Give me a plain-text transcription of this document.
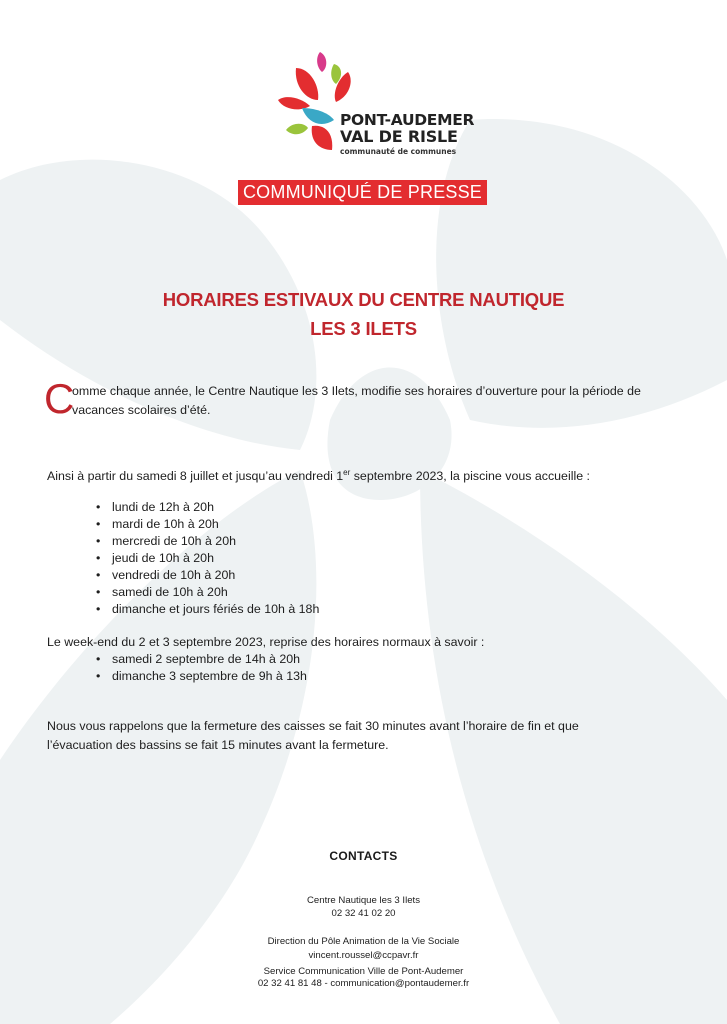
PONT-AUDEMER
VAL DE RISLE
communauté de communes
COMMUNIQUÉ DE PRESSE
HORAIRES ESTIVAUX DU CENTRE NAUTIQUE
LES 3 ILETS
C
omme chaque année, le Centre Nautique les 3 Ilets, modifie ses horaires d’ouverture pour la période de
vacances scolaires d’été.
Ainsi à partir du samedi 8 juillet et jusqu’au vendredi 1er septembre 2023, la piscine vous accueille :
• lundi de 12h à 20h
• mardi de 10h à 20h
• mercredi de 10h à 20h
• jeudi de 10h à 20h
• vendredi de 10h à 20h
• samedi de 10h à 20h
• dimanche et jours fériés de 10h à 18h
Le week-end du 2 et 3 septembre 2023, reprise des horaires normaux à savoir :
• samedi 2 septembre de 14h à 20h
• dimanche 3 septembre de 9h à 13h
Nous vous rappelons que la fermeture des caisses se fait 30 minutes avant l’horaire de fin et que
l’évacuation des bassins se fait 15 minutes avant la fermeture.
CONTACTS
Centre Nautique les 3 Ilets
02 32 41 02 20
Direction du Pôle Animation de la Vie Sociale
vincent.roussel@ccpavr.fr
Service Communication Ville de Pont-Audemer
02 32 41 81 48 - communication@pontaudemer.fr
